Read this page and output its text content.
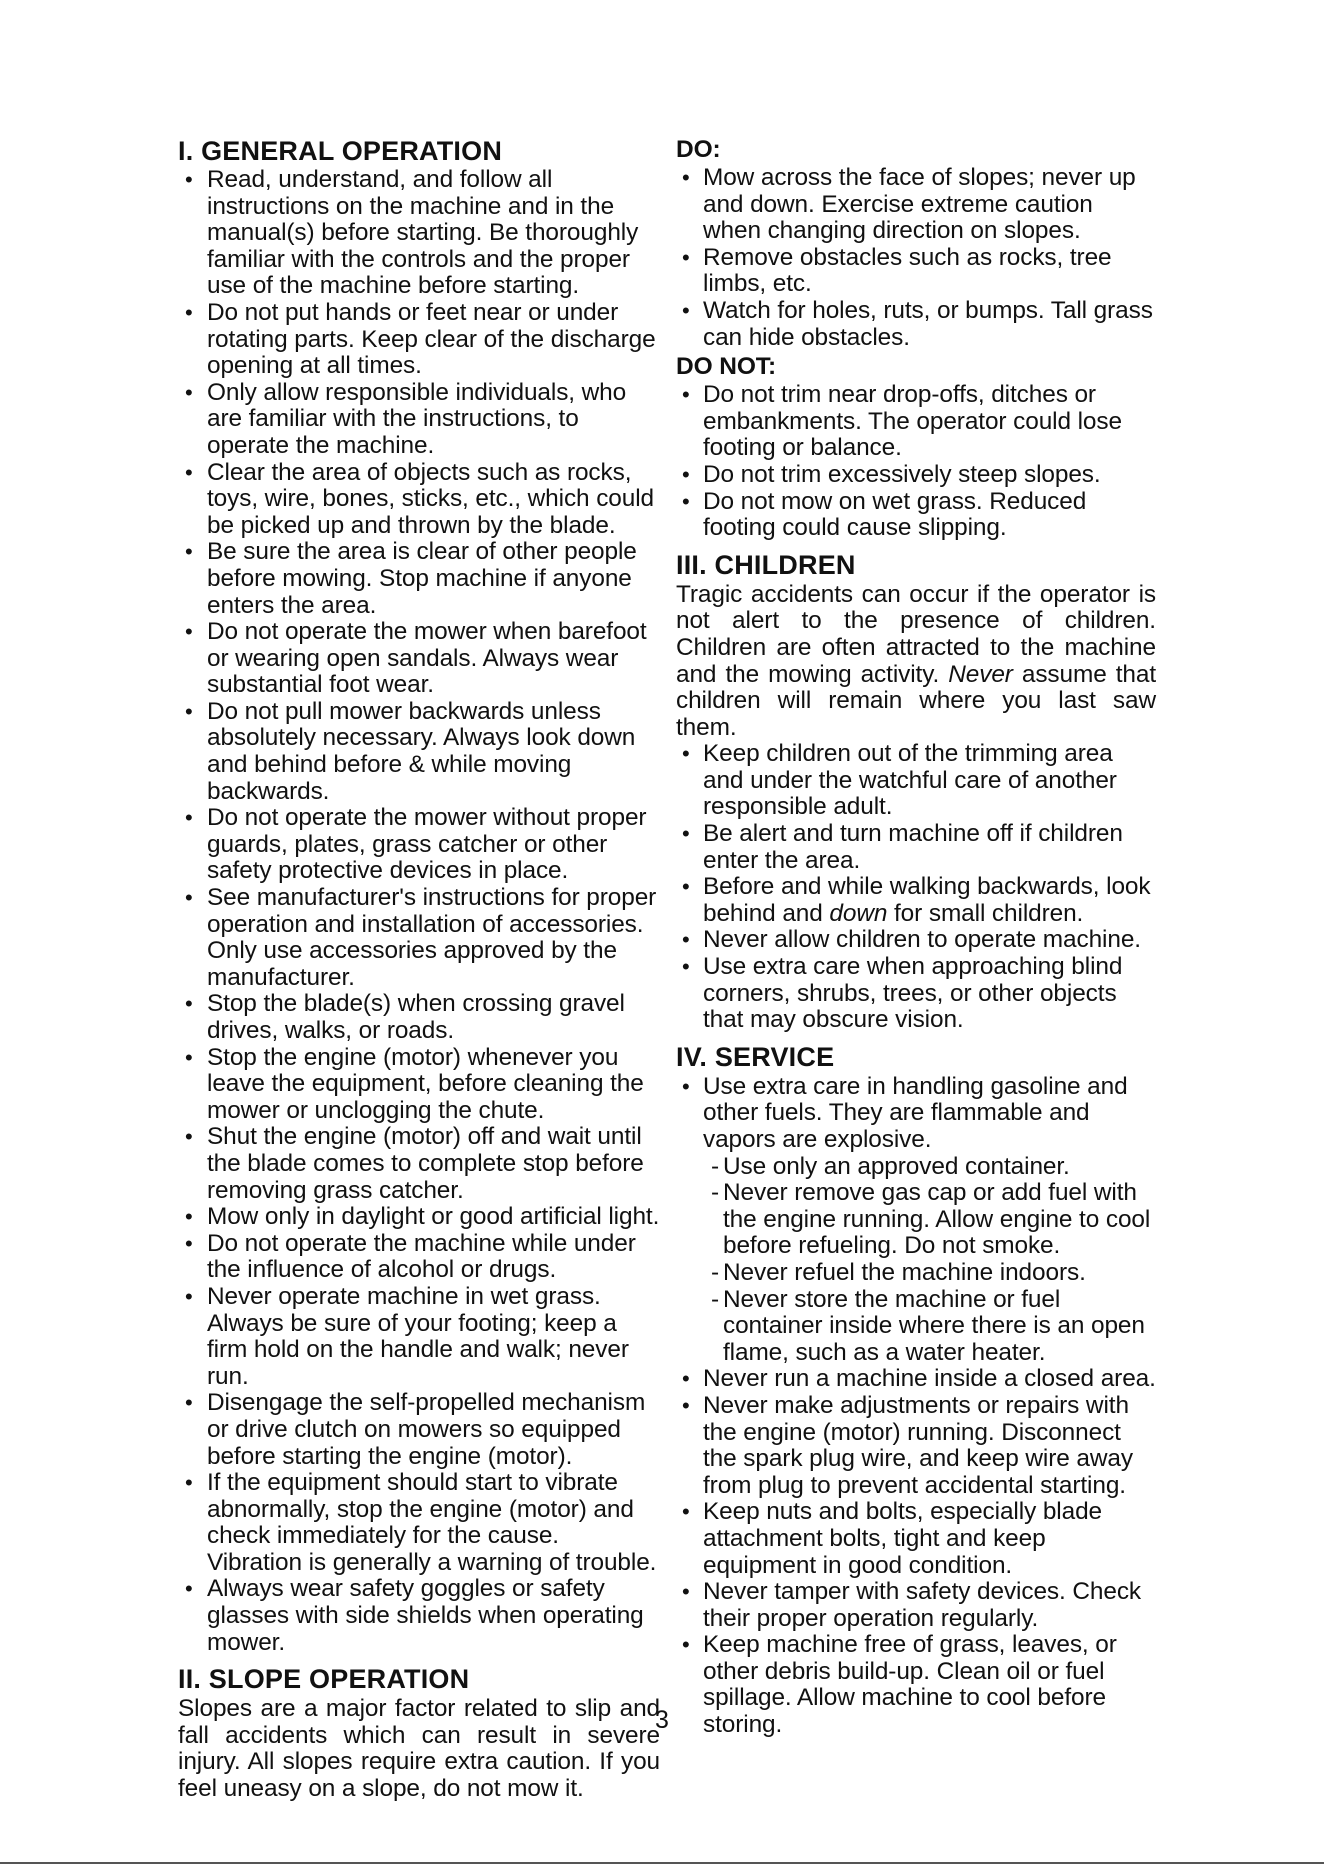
I. GENERAL OPERATION
• Read, understand, and follow all instructions on the machine and in the manual(s) before starting. Be thoroughly familiar with the controls and the proper use of the machine before starting.
• Do not put hands or feet near or under rotating parts. Keep clear of the discharge opening at all times.
• Only allow responsible individuals, who are familiar with the instructions, to operate the machine.
• Clear the area of objects such as rocks, toys, wire, bones, sticks, etc., which could be picked up and thrown by the blade.
• Be sure the area is clear of other people before mowing. Stop machine if anyone enters the area.
• Do not operate the mower when barefoot or wearing open sandals. Always wear substantial foot wear.
• Do not pull mower backwards unless absolutely necessary. Always look down and behind before & while moving backwards.
• Do not operate the mower without proper guards, plates, grass catcher or other safety protective devices in place.
• See manufacturer's instructions for proper operation and installation of accessories. Only use accessories approved by the manufacturer.
• Stop the blade(s) when crossing gravel drives, walks, or roads.
• Stop the engine (motor) whenever you leave the equipment, before cleaning the mower or unclogging the chute.
• Shut the engine (motor) off and wait until the blade comes to complete stop before removing grass catcher.
• Mow only in daylight or good artificial light.
• Do not operate the machine while under the influence of alcohol or drugs.
• Never operate machine in wet grass. Always be sure of your footing; keep a firm hold on the handle and walk; never run.
• Disengage the self-propelled mechanism or drive clutch on mowers so equipped before starting the engine (motor).
• If the equipment should start to vibrate abnormally, stop the engine (motor) and check immediately for the cause. Vibration is generally a warning of trouble.
• Always wear safety goggles or safety glasses with side shields when operating mower.
II. SLOPE OPERATION

Slopes are a major factor related to slip and fall accidents which can result in severe injury. All slopes require extra caution. If you feel uneasy on a slope, do not mow it.

DO:
• Mow across the face of slopes; never up and down. Exercise extreme caution when changing direction on slopes.
• Remove obstacles such as rocks, tree limbs, etc.
• Watch for holes, ruts, or bumps. Tall grass can hide obstacles.
DO NOT:
• Do not trim near drop-offs, ditches or embankments. The operator could lose footing or balance.
• Do not trim excessively steep slopes.
• Do not mow on wet grass. Reduced footing could cause slipping.
III. CHILDREN

Tragic accidents can occur if the operator is not alert to the presence of children. Children are often attracted to the machine and the mowing activity. Never assume that children will remain where you last saw them.

• Keep children out of the trimming area and under the watchful care of another responsible adult.
• Be alert and turn machine off if children enter the area.
• Before and while walking backwards, look behind and down for small children.
• Never allow children to operate machine.
• Use extra care when approaching blind corners, shrubs, trees, or other objects that may obscure vision.
IV. SERVICE
• Use extra care in handling gasoline and other fuels. They are flammable and vapors are explosive.
- Use only an approved container.
- Never remove gas cap or add fuel with the engine running. Allow engine to cool before refueling. Do not smoke.
- Never refuel the machine indoors.
- Never store the machine or fuel container inside where there is an open flame, such as a water heater.
• Never run a machine inside a closed area.
• Never make adjustments or repairs with the engine (motor) running. Disconnect the spark plug wire, and keep wire away from plug to prevent accidental starting.
• Keep nuts and bolts, especially blade attachment bolts, tight and keep equipment in good condition.
• Never tamper with safety devices. Check their proper operation regularly.
• Keep machine free of grass, leaves, or other debris build-up. Clean oil or fuel spillage. Allow machine to cool before storing.
3
